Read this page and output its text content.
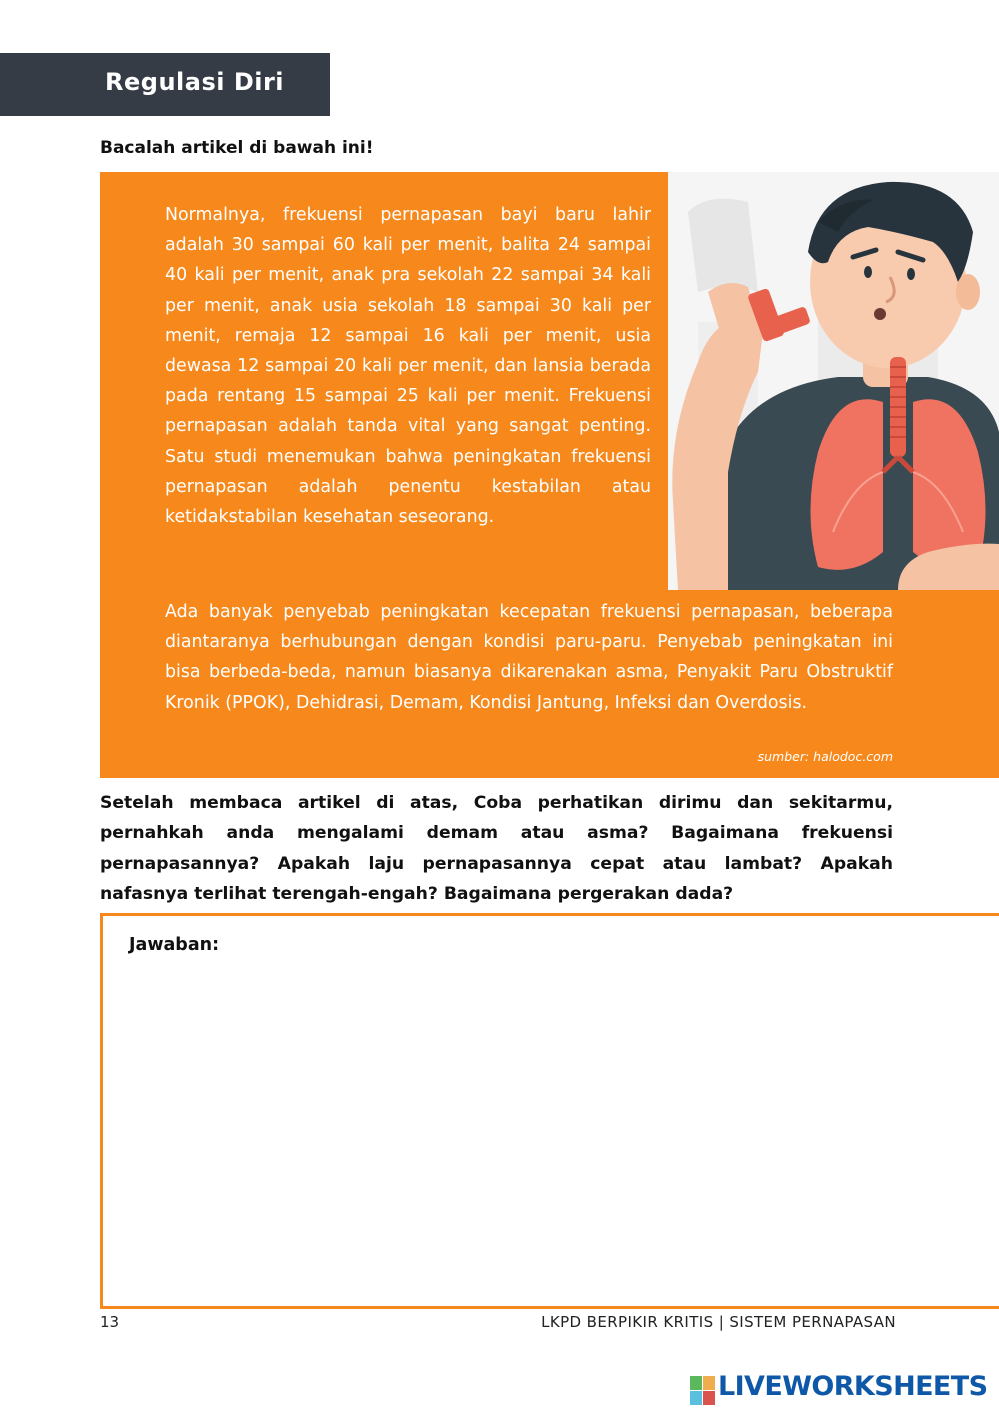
Regulasi Diri
Bacalah artikel di bawah ini!
Normalnya, frekuensi pernapasan bayi baru lahir adalah 30 sampai 60 kali per menit, balita 24 sampai 40 kali per menit, anak pra sekolah 22 sampai 34 kali per menit, anak usia sekolah 18 sampai 30 kali per menit, remaja 12 sampai 16 kali per menit, usia dewasa 12 sampai 20 kali per menit, dan lansia berada pada rentang 15 sampai 25 kali per menit. Frekuensi pernapasan adalah tanda vital yang sangat penting. Satu studi menemukan bahwa peningkatan frekuensi pernapasan adalah penentu kestabilan atau ketidakstabilan kesehatan seseorang.
Ada banyak penyebab peningkatan kecepatan frekuensi pernapasan, beberapa diantaranya berhubungan dengan kondisi paru-paru. Penyebab peningkatan ini bisa berbeda-beda, namun biasanya dikarenakan asma, Penyakit Paru Obstruktif Kronik (PPOK), Dehidrasi, Demam, Kondisi Jantung, Infeksi dan Overdosis.
sumber: halodoc.com
Setelah membaca artikel di atas, Coba perhatikan dirimu dan sekitarmu, pernahkah anda mengalami demam atau asma? Bagaimana frekuensi pernapasannya? Apakah laju pernapasannya cepat atau lambat? Apakah nafasnya terlihat terengah-engah? Bagaimana pergerakan dada?
Jawaban:
13	LKPD BERPIKIR KRITIS | SISTEM PERNAPASAN
LIVEWORKSHEETS
